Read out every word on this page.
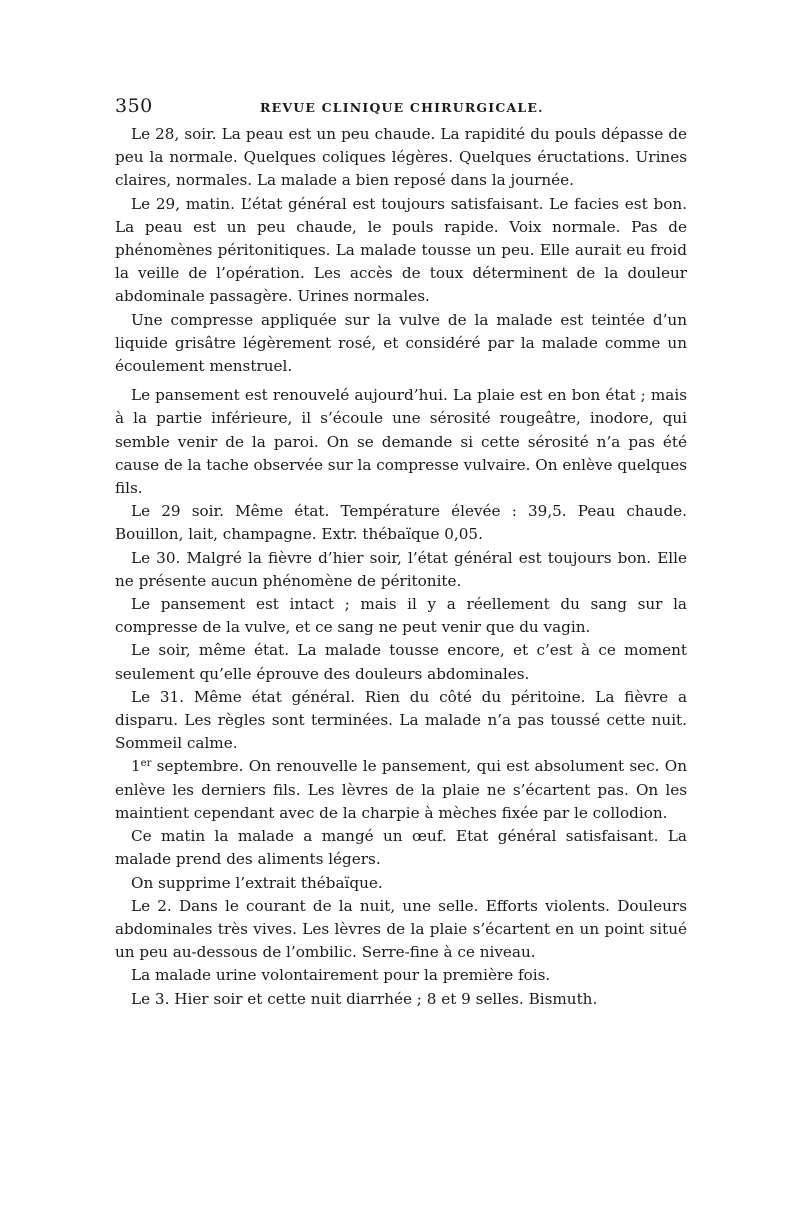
350	REVUE CLINIQUE CHIRURGICALE.

Le 28, soir. La peau est un peu chaude. La rapidité du pouls dépasse de peu la normale. Quelques coliques légères. Quelques éructations. Urines claires, normales. La malade a bien reposé dans la journée.

Le 29, matin. L’état général est toujours satisfaisant. Le facies est bon. La peau est un peu chaude, le pouls rapide. Voix normale. Pas de phénomènes péritonitiques. La malade tousse un peu. Elle aurait eu froid la veille de l’opération. Les accès de toux déterminent de la douleur abdominale passagère. Urines normales.

Une compresse appliquée sur la vulve de la malade est teintée d’un liquide grisâtre légèrement rosé, et considéré par la malade comme un écoulement menstruel.

Le pansement est renouvelé aujourd’hui. La plaie est en bon état ; mais à la partie inférieure, il s’écoule une sérosité rougeâtre, inodore, qui semble venir de la paroi. On se demande si cette sérosité n’a pas été cause de la tache observée sur la compresse vulvaire. On enlève quelques fils.

Le 29 soir. Même état. Température élevée : 39,5. Peau chaude. Bouillon, lait, champagne. Extr. thébaïque 0,05.

Le 30. Malgré la fièvre d’hier soir, l’état général est toujours bon. Elle ne présente aucun phénomène de péritonite.

Le pansement est intact ; mais il y a réellement du sang sur la compresse de la vulve, et ce sang ne peut venir que du vagin.

Le soir, même état. La malade tousse encore, et c’est à ce moment seulement qu’elle éprouve des douleurs abdominales.

Le 31. Même état général. Rien du côté du péritoine. La fièvre a disparu. Les règles sont terminées. La malade n’a pas toussé cette nuit. Sommeil calme.

1er septembre. On renouvelle le pansement, qui est absolument sec. On enlève les derniers fils. Les lèvres de la plaie ne s’écartent pas. On les maintient cependant avec de la charpie à mèches fixée par le collodion.

Ce matin la malade a mangé un œuf. Etat général satisfaisant. La malade prend des aliments légers.

On supprime l’extrait thébaïque.

Le 2. Dans le courant de la nuit, une selle. Efforts violents. Douleurs abdominales très vives. Les lèvres de la plaie s’écartent en un point situé un peu au-dessous de l’ombilic. Serre-fine à ce niveau.

La malade urine volontairement pour la première fois.

Le 3. Hier soir et cette nuit diarrhée ; 8 et 9 selles. Bismuth.
